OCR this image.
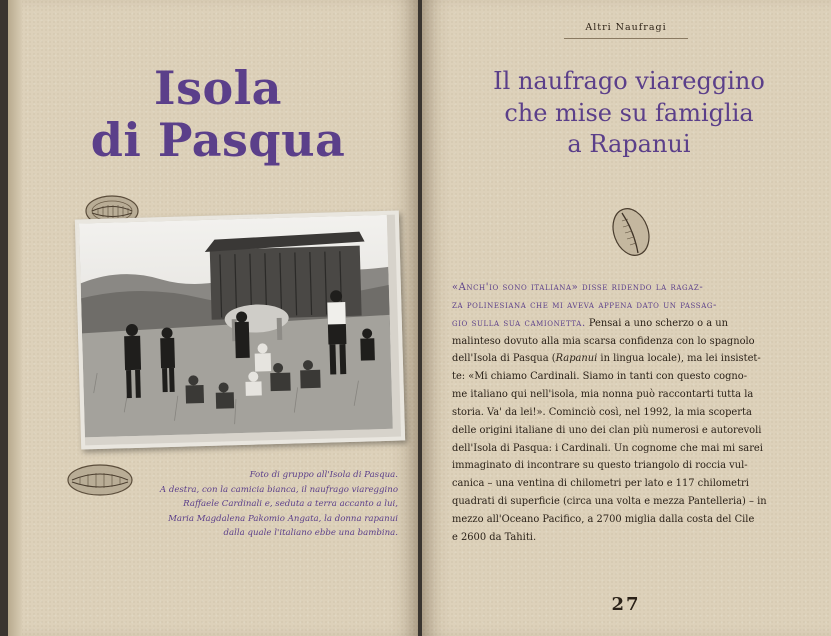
Isola
di Pasqua
Foto di gruppo all'Isola di Pasqua.
A destra, con la camicia bianca, il naufrago viareggino
Raffaele Cardinali e, seduta a terra accanto a lui,
Maria Magdalena Pakomio Angata, la donna rapanui
dalla quale l'italiano ebbe una bambina.
Altri Naufragi
Il naufrago viareggino
che mise su famiglia
a Rapanui
«Anch'io sono italiana» disse ridendo la ragaz-
za polinesiana che mi aveva appena dato un passag-
gio sulla sua camionetta. Pensai a uno scherzo o a un
malinteso dovuto alla mia scarsa confidenza con lo spagnolo
dell'Isola di Pasqua (Rapanui in lingua locale), ma lei insistet-
te: «Mi chiamo Cardinali. Siamo in tanti con questo cogno-
me italiano qui nell'isola, mia nonna può raccontarti tutta la
storia. Va' da lei!». Cominciò così, nel 1992, la mia scoperta
delle origini italiane di uno dei clan più numerosi e autorevoli
dell'Isola di Pasqua: i Cardinali. Un cognome che mai mi sarei
immaginato di incontrare su questo triangolo di roccia vul-
canica – una ventina di chilometri per lato e 117 chilometri
quadrati di superficie (circa una volta e mezza Pantelleria) – in
mezzo all'Oceano Pacifico, a 2700 miglia dalla costa del Cile
e 2600 da Tahiti.
27
